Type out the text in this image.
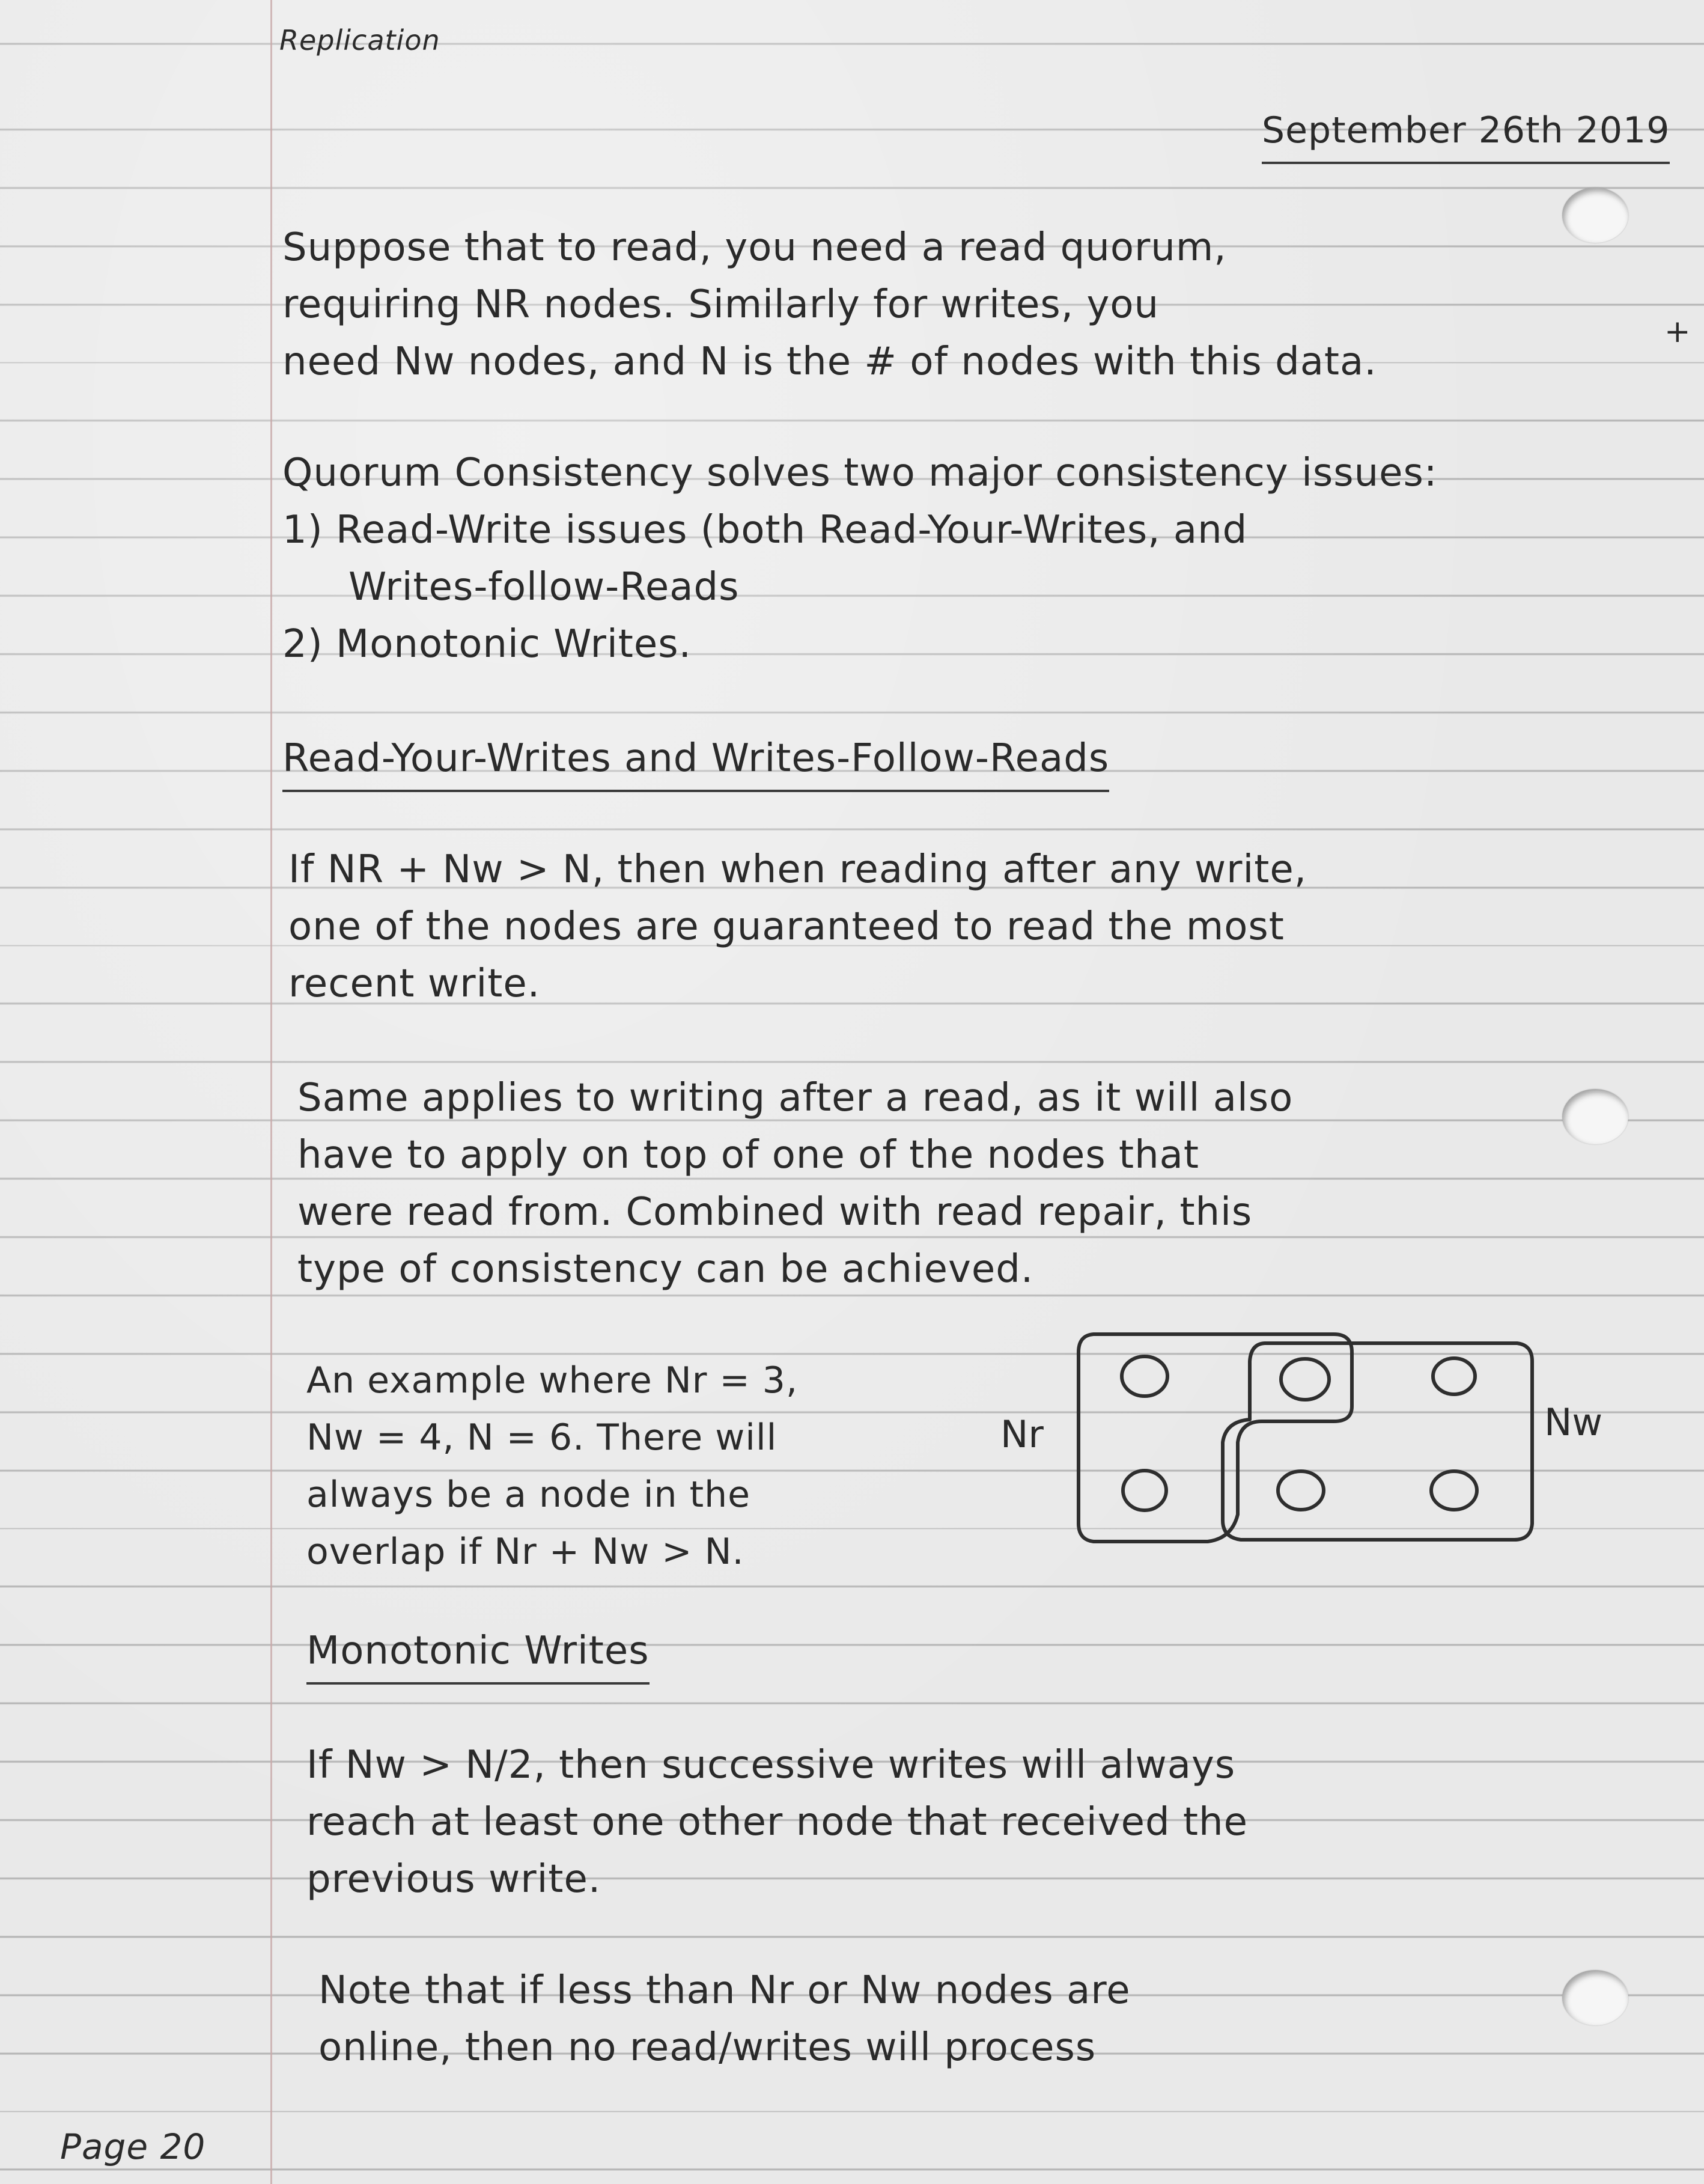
Replication

September 26th 2019

Suppose that to read, you need a read quorum,

requiring NR nodes. Similarly for writes, you

need Nw nodes, and N is the # of nodes with this data.

+

Quorum Consistency solves two major consistency issues:

1) Read-Write issues (both Read-Your-Writes, and

Writes-follow-Reads

2) Monotonic Writes.

Read-Your-Writes and Writes-Follow-Reads

If NR + Nw > N, then when reading after any write,

one of the nodes are guaranteed to read the most

recent write.

Same applies to writing after a read, as it will also

have to apply on top of one of the nodes that

were read from. Combined with read repair, this

type of consistency can be achieved.

An example where Nr = 3,

Nw = 4, N = 6. There will

always be a node in the

overlap if Nr + Nw > N.

Nr	Nw

Monotonic Writes

If Nw > N/2, then successive writes will always

reach at least one other node that received the

previous write.

Note that if less than Nr or Nw nodes are

online, then no read/writes will process

Page 20
